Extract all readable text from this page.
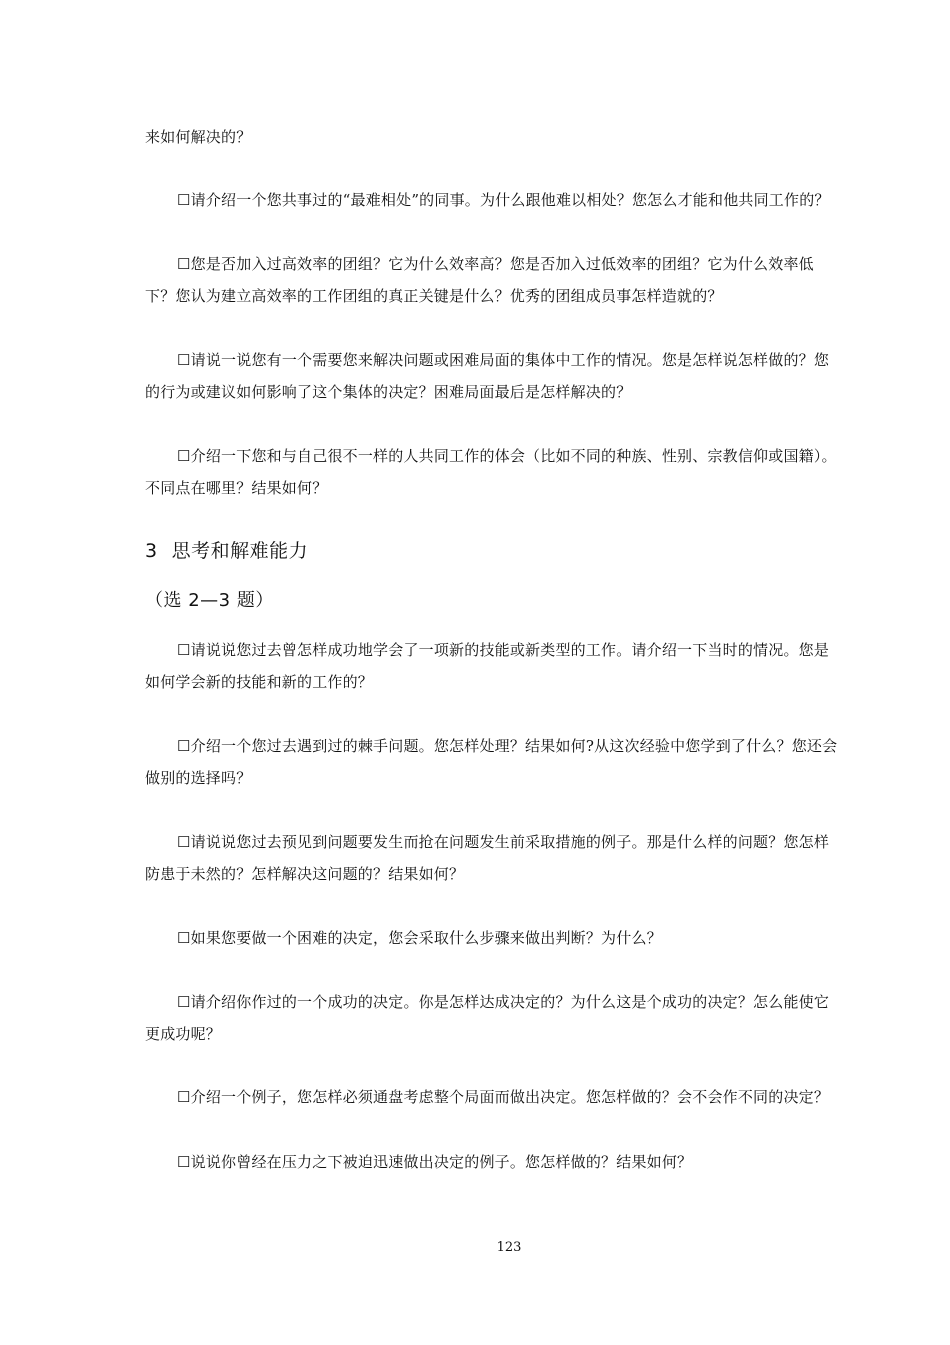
来如何解决的？
☐请介绍一个您共事过的“最难相处”的同事。为什么跟他难以相处？您怎么才能和他共同工作的？
☐您是否加入过高效率的团组？它为什么效率高？您是否加入过低效率的团组？它为什么效率低
下？您认为建立高效率的工作团组的真正关键是什么？优秀的团组成员事怎样造就的？
☐请说一说您有一个需要您来解决问题或困难局面的集体中工作的情况。您是怎样说怎样做的？您
的行为或建议如何影响了这个集体的决定？困难局面最后是怎样解决的？
☐介绍一下您和与自己很不一样的人共同工作的体会（比如不同的种族、性别、宗教信仰或国籍）。
不同点在哪里？结果如何？
3 思考和解难能力
（选 2—3 题）
☐请说说您过去曾怎样成功地学会了一项新的技能或新类型的工作。请介绍一下当时的情况。您是
如何学会新的技能和新的工作的？
☐介绍一个您过去遇到过的棘手问题。您怎样处理？结果如何?从这次经验中您学到了什么？您还会
做别的选择吗？
☐请说说您过去预见到问题要发生而抢在问题发生前采取措施的例子。那是什么样的问题？您怎样
防患于未然的？怎样解决这问题的？结果如何？
☐如果您要做一个困难的决定，您会采取什么步骤来做出判断？为什么？
☐请介绍你作过的一个成功的决定。你是怎样达成决定的？为什么这是个成功的决定？怎么能使它
更成功呢？
☐介绍一个例子，您怎样必须通盘考虑整个局面而做出决定。您怎样做的？会不会作不同的决定？
☐说说你曾经在压力之下被迫迅速做出决定的例子。您怎样做的？结果如何？
123
